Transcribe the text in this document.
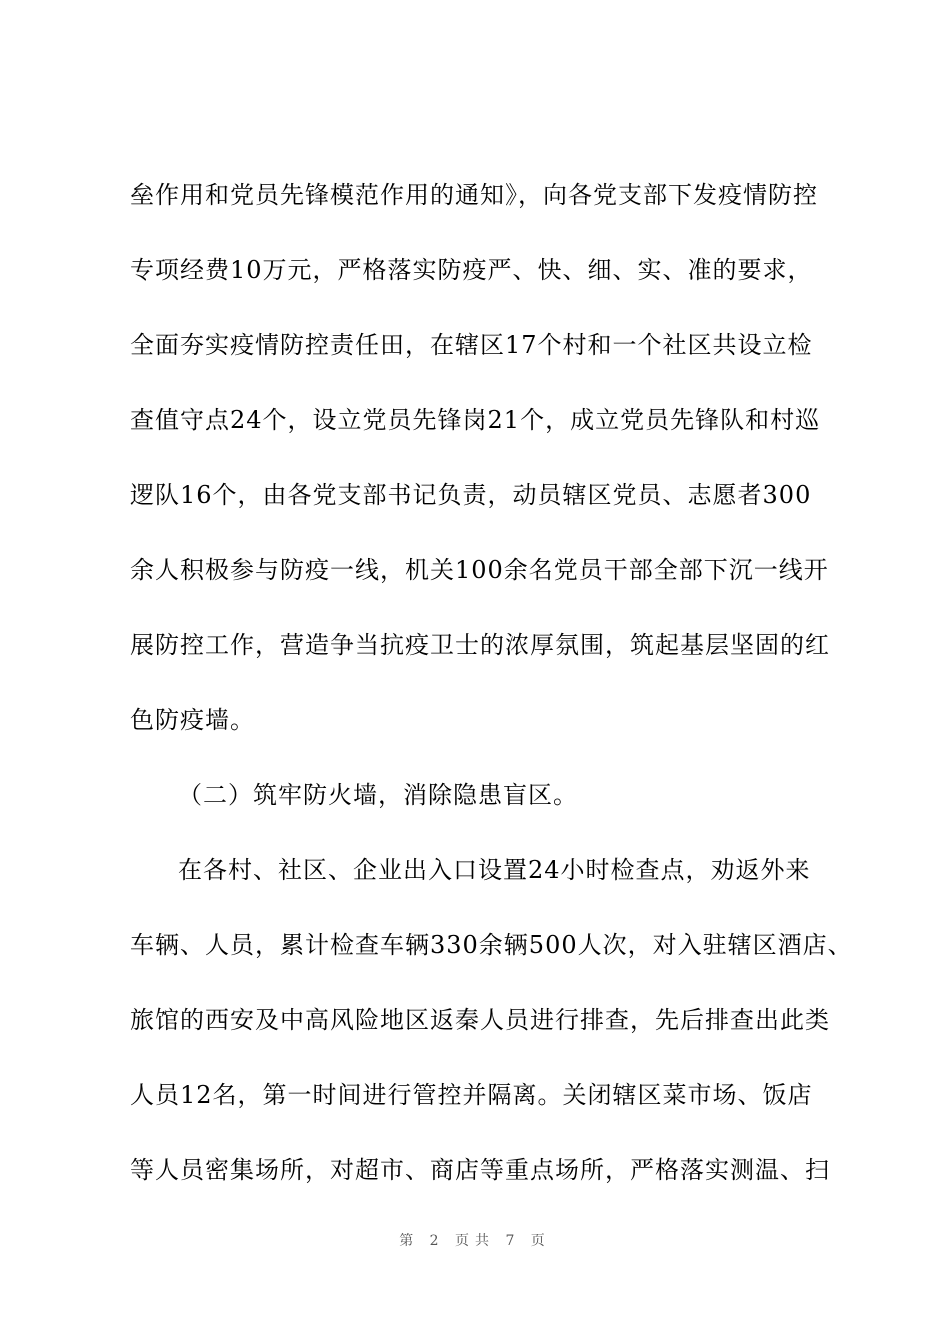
垒作用和党员先锋模范作用的通知》，向各党支部下发疫情防控
专项经费10万元，严格落实防疫严、快、细、实、准的要求，
全面夯实疫情防控责任田，在辖区17个村和一个社区共设立检
查值守点24个，设立党员先锋岗21个，成立党员先锋队和村巡
逻队16个，由各党支部书记负责，动员辖区党员、志愿者300
余人积极参与防疫一线，机关100余名党员干部全部下沉一线开
展防控工作，营造争当抗疫卫士的浓厚氛围，筑起基层坚固的红
色防疫墙。
（二）筑牢防火墙，消除隐患盲区。
在各村、社区、企业出入口设置24小时检查点，劝返外来
车辆、人员，累计检查车辆330余辆500人次，对入驻辖区酒店、
旅馆的西安及中高风险地区返秦人员进行排查，先后排查出此类
人员12名，第一时间进行管控并隔离。关闭辖区菜市场、饭店
等人员密集场所，对超市、商店等重点场所，严格落实测温、扫
第 2 页共 7 页
